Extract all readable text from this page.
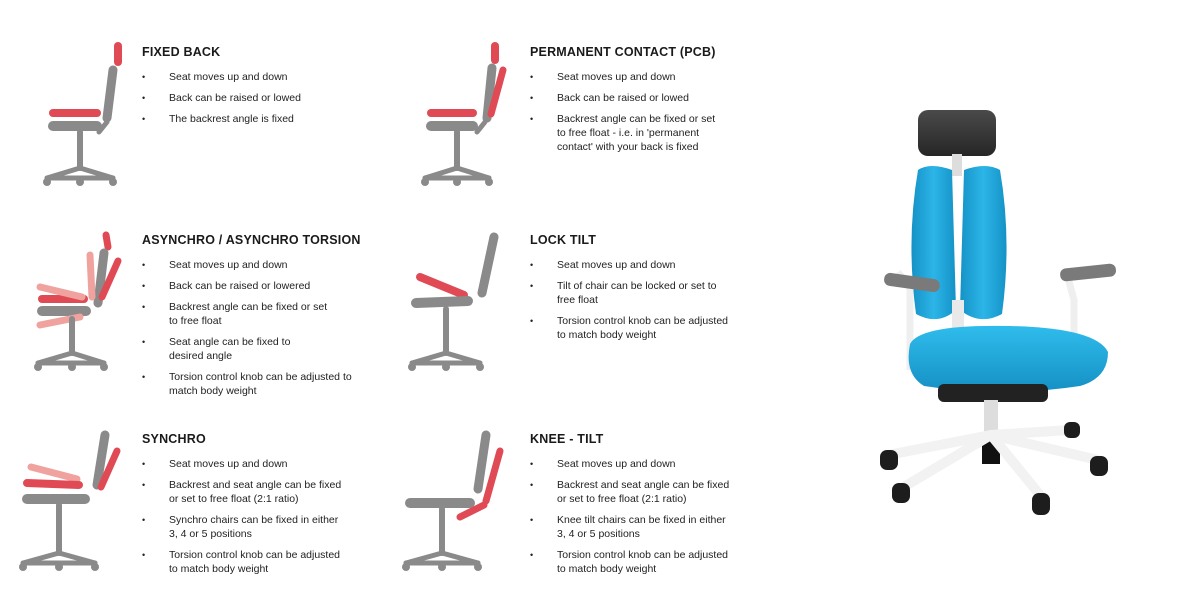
FIXED BACK
• Seat moves up and down
• Back can be raised or lowed
• The backrest angle is fixed
PERMANENT CONTACT (PCB)
• Seat moves up and down
• Back can be raised or lowed
• Backrest angle can be fixed or set
to free float - i.e. in 'permanent
contact' with your back is fixed
ASYNCHRO / ASYNCHRO TORSION
• Seat moves up and down
• Back can be raised or lowered
• Backrest angle can be fixed or set
to free float
• Seat angle can be fixed to
desired angle
• Torsion control knob can be adjusted to
match body weight
LOCK TILT
• Seat moves up and down
• Tilt of chair can be locked or set to
free float
• Torsion control knob can be adjusted
to match body weight
SYNCHRO
• Seat moves up and down
• Backrest and seat angle can be fixed
or set to free float (2:1 ratio)
• Synchro chairs can be fixed in either
3, 4 or 5 positions
• Torsion control knob can be adjusted
to match body weight
KNEE - TILT
• Seat moves up and down
• Backrest and seat angle can be fixed
or set to free float (2:1 ratio)
• Knee tilt chairs can be fixed in either
3, 4 or 5 positions
• Torsion control knob can be adjusted
to match body weight
